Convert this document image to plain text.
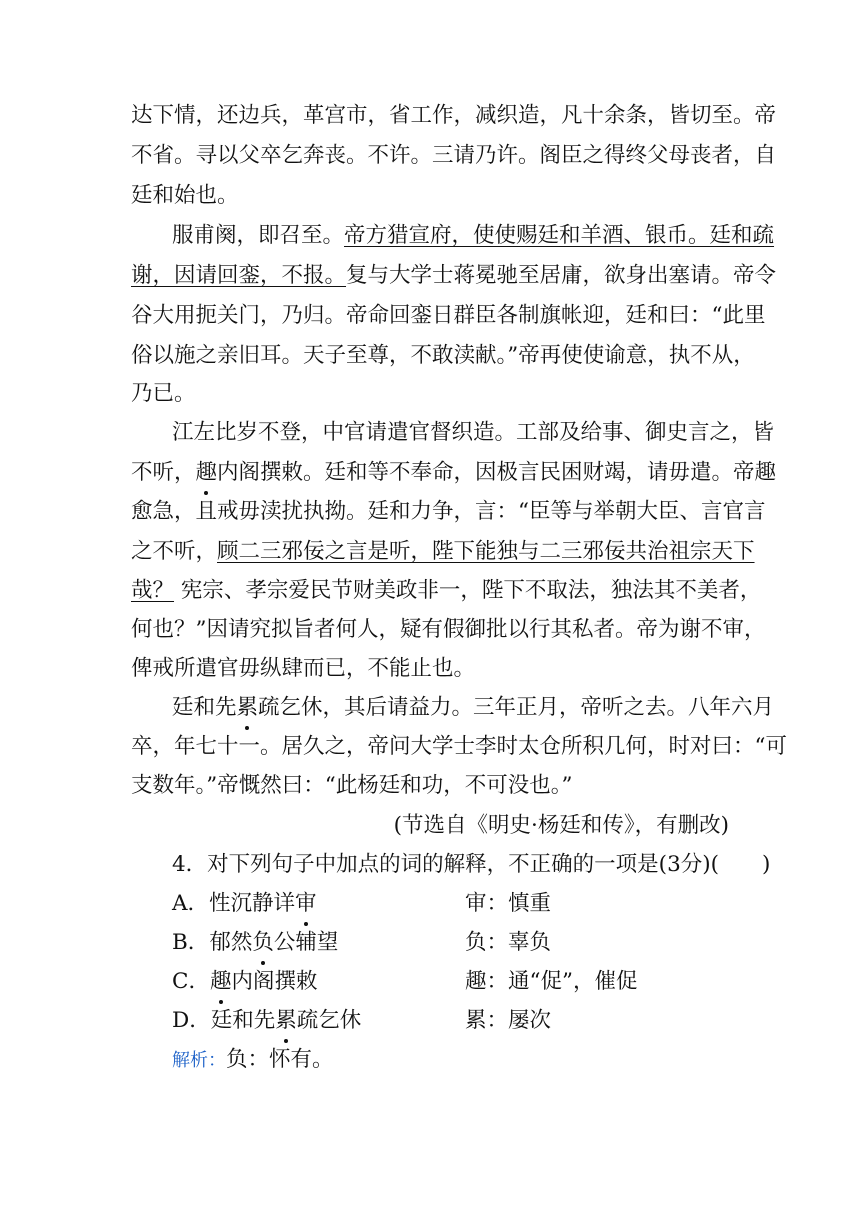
达下情，还边兵，革宫市，省工作，减织造，凡十余条，皆切至。帝
不省。寻以父卒乞奔丧。不许。三请乃许。阁臣之得终父母丧者，自
廷和始也。
服甫阕，即召至。帝方猎宣府，使使赐廷和羊酒、银币。廷和疏
谢，因请回銮，不报。复与大学士蒋冕驰至居庸，欲身出塞请。帝令
谷大用扼关门，乃归。帝命回銮日群臣各制旗帐迎，廷和曰：“此里
俗以施之亲旧耳。天子至尊，不敢渎献。”帝再使使谕意，执不从，
乃已。
江左比岁不登，中官请遣官督织造。工部及给事、御史言之，皆
不听，趣内阁撰敕。廷和等不奉命，因极言民困财竭，请毋遣。帝趣
愈急，且戒毋渎扰执拗。廷和力争，言：“臣等与举朝大臣、言官言
之不听，顾二三邪佞之言是听，陛下能独与二三邪佞共治祖宗天下
哉？ 宪宗、孝宗爱民节财美政非一，陛下不取法，独法其不美者，
何也？”因请究拟旨者何人，疑有假御批以行其私者。帝为谢不审，
俾戒所遣官毋纵肆而已，不能止也。
廷和先累疏乞休，其后请益力。三年正月，帝听之去。八年六月
卒，年七十一。居久之，帝问大学士李时太仓所积几何，时对曰：“可
支数年。”帝慨然曰：“此杨廷和功，不可没也。”
(节选自《明史·杨廷和传》，有删改)
4．对下列句子中加点的词的解释，不正确的一项是(3分)(　　)
A．性沉静详审	审：慎重
B．郁然负公辅望	负：辜负
C．趣内阁撰敕	趣：通“促”，催促
D．廷和先累疏乞休	累：屡次
解析：负：怀有。
